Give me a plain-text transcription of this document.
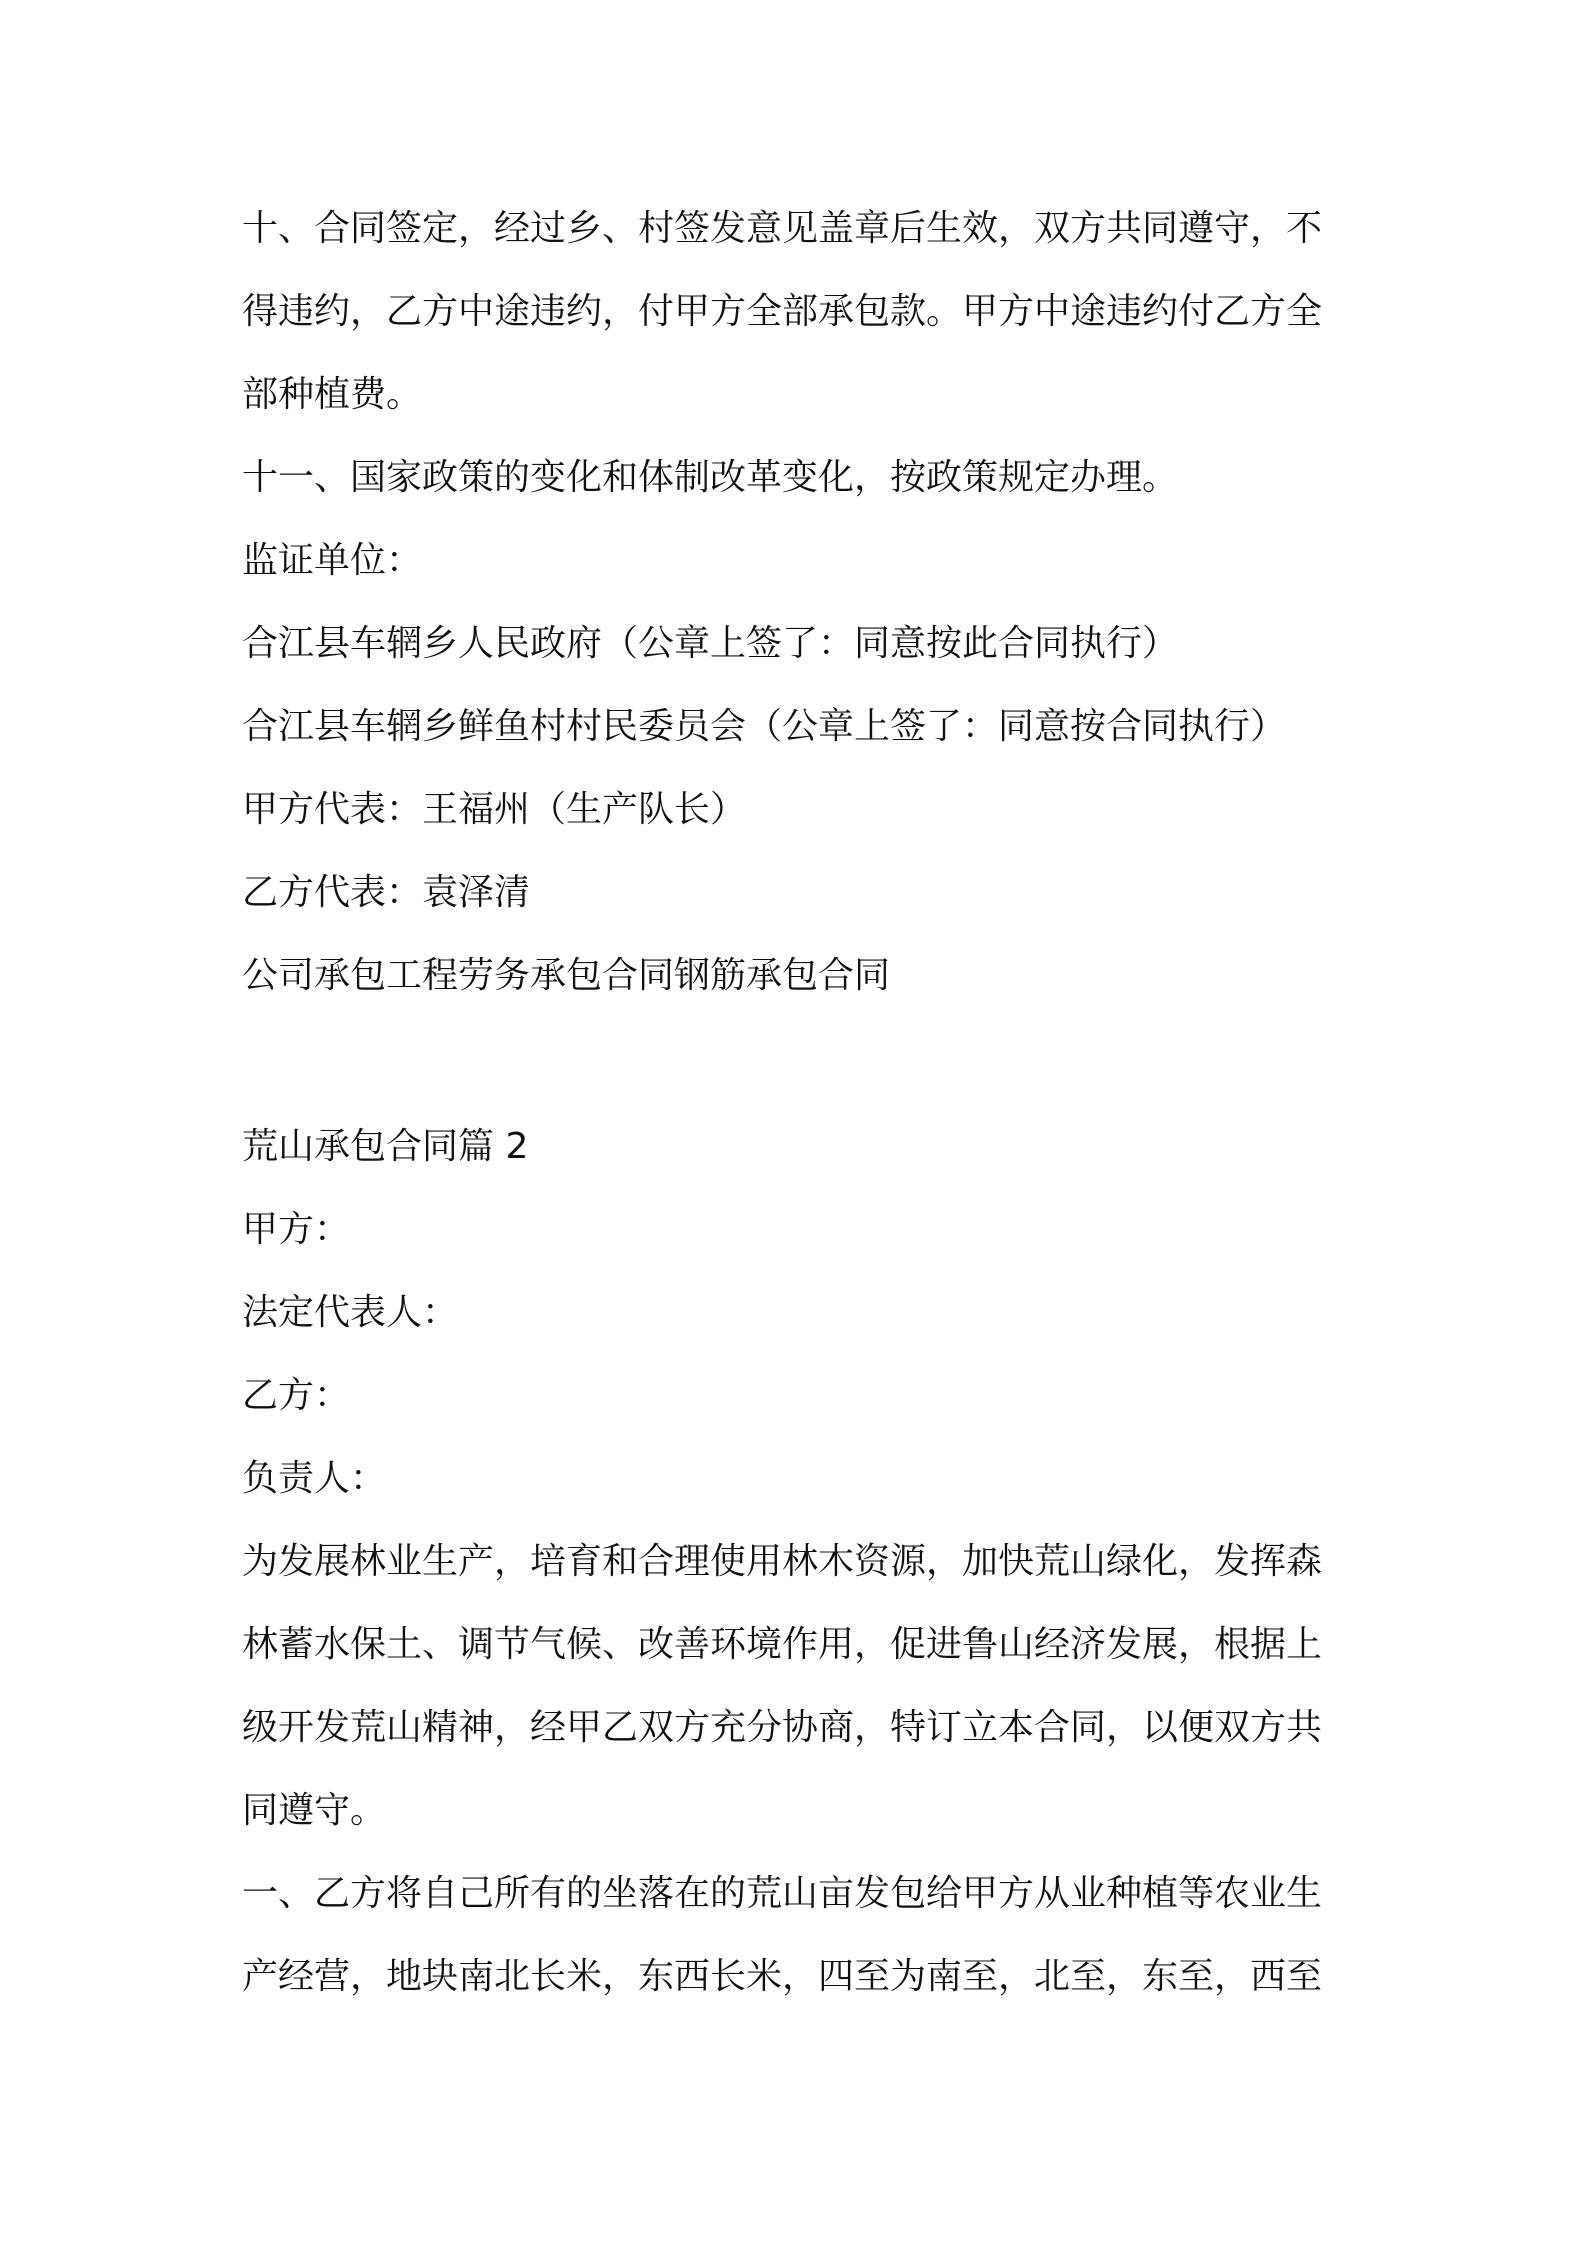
十、合同签定，经过乡、村签发意见盖章后生效，双方共同遵守，不
得违约，乙方中途违约，付甲方全部承包款。甲方中途违约付乙方全
部种植费。
十一、国家政策的变化和体制改革变化，按政策规定办理。
监证单位：
合江县车辋乡人民政府（公章上签了：同意按此合同执行）
合江县车辋乡鲜鱼村村民委员会（公章上签了：同意按合同执行）
甲方代表：王福州（生产队长）
乙方代表：袁泽清
公司承包工程劳务承包合同钢筋承包合同
荒山承包合同篇 2
甲方：
法定代表人：
乙方：
负责人：
为发展林业生产，培育和合理使用林木资源，加快荒山绿化，发挥森
林蓄水保土、调节气候、改善环境作用，促进鲁山经济发展，根据上
级开发荒山精神，经甲乙双方充分协商，特订立本合同，以便双方共
同遵守。
一、乙方将自己所有的坐落在的荒山亩发包给甲方从业种植等农业生
产经营，地块南北长米，东西长米，四至为南至，北至，东至，西至
